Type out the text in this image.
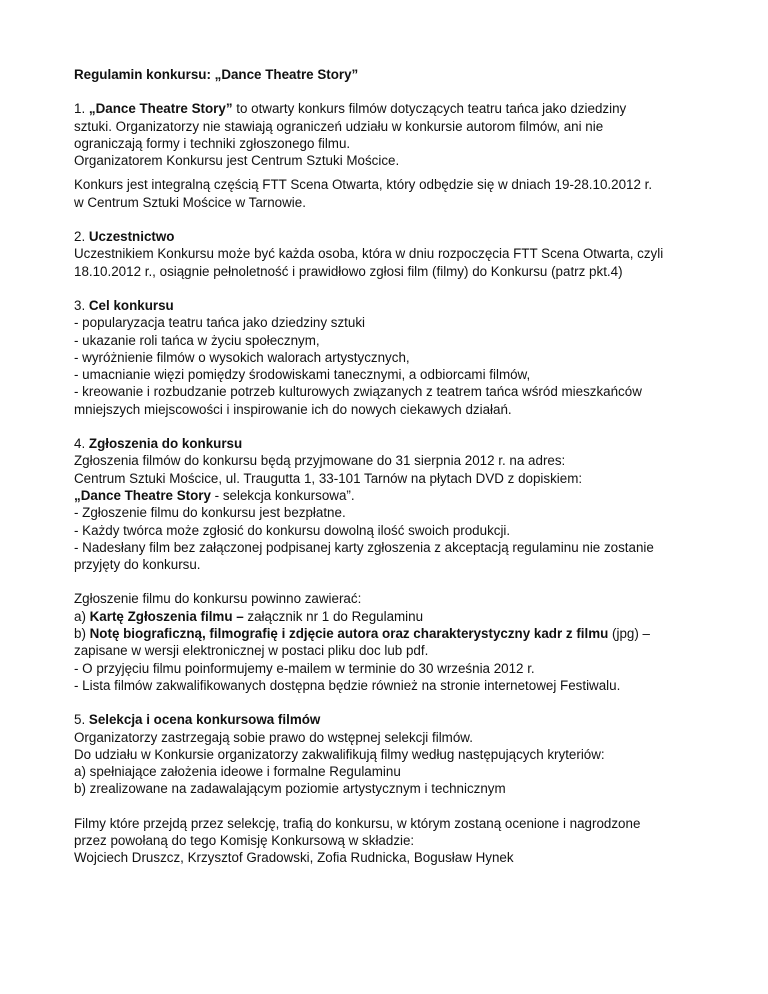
Regulamin konkursu: „Dance Theatre Story”
1. „Dance Theatre Story” to otwarty konkurs filmów dotyczących teatru tańca jako dziedziny
sztuki. Organizatorzy nie stawiają ograniczeń udziału w konkursie autorom filmów, ani nie
ograniczają formy i techniki zgłoszonego filmu.
Organizatorem Konkursu jest Centrum Sztuki Mościce.
Konkurs jest integralną częścią FTT Scena Otwarta, który odbędzie się w dniach 19-28.10.2012 r.
w Centrum Sztuki Mościce w Tarnowie.
2. Uczestnictwo
Uczestnikiem Konkursu może być każda osoba, która w dniu rozpoczęcia FTT Scena Otwarta, czyli
18.10.2012 r., osiągnie pełnoletność i prawidłowo zgłosi film (filmy) do Konkursu (patrz pkt.4)
3. Cel konkursu
- popularyzacja teatru tańca jako dziedziny sztuki
- ukazanie roli tańca w życiu społecznym,
- wyróżnienie filmów o wysokich walorach artystycznych,
- umacnianie więzi pomiędzy środowiskami tanecznymi, a odbiorcami filmów,
- kreowanie i rozbudzanie potrzeb kulturowych związanych z teatrem tańca wśród mieszkańców
mniejszych miejscowości i inspirowanie ich do nowych ciekawych działań.
4. Zgłoszenia do konkursu
Zgłoszenia filmów do konkursu będą przyjmowane do 31 sierpnia 2012 r. na adres:
Centrum Sztuki Mościce, ul. Traugutta 1, 33-101 Tarnów na płytach DVD z dopiskiem:
„Dance Theatre Story - selekcja konkursowa”.
- Zgłoszenie filmu do konkursu jest bezpłatne.
- Każdy twórca może zgłosić do konkursu dowolną ilość swoich produkcji.
- Nadesłany film bez załączonej podpisanej karty zgłoszenia z akceptacją regulaminu nie zostanie
przyjęty do konkursu.
Zgłoszenie filmu do konkursu powinno zawierać:
a) Kartę Zgłoszenia filmu – załącznik nr 1 do Regulaminu
b) Notę biograficzną, filmografię i zdjęcie autora oraz charakterystyczny kadr z filmu (jpg) –
zapisane w wersji elektronicznej w postaci pliku doc lub pdf.
- O przyjęciu filmu poinformujemy e-mailem w terminie do 30 września 2012 r.
- Lista filmów zakwalifikowanych dostępna będzie również na stronie internetowej Festiwalu.
5. Selekcja i ocena konkursowa filmów
Organizatorzy zastrzegają sobie prawo do wstępnej selekcji filmów.
Do udziału w Konkursie organizatorzy zakwalifikują filmy według następujących kryteriów:
a) spełniające założenia ideowe i formalne Regulaminu
b) zrealizowane na zadawalającym poziomie artystycznym i technicznym
Filmy które przejdą przez selekcję, trafią do konkursu, w którym zostaną ocenione i nagrodzone
przez powołaną do tego Komisję Konkursową w składzie:
Wojciech Druszcz, Krzysztof Gradowski, Zofia Rudnicka, Bogusław Hynek
